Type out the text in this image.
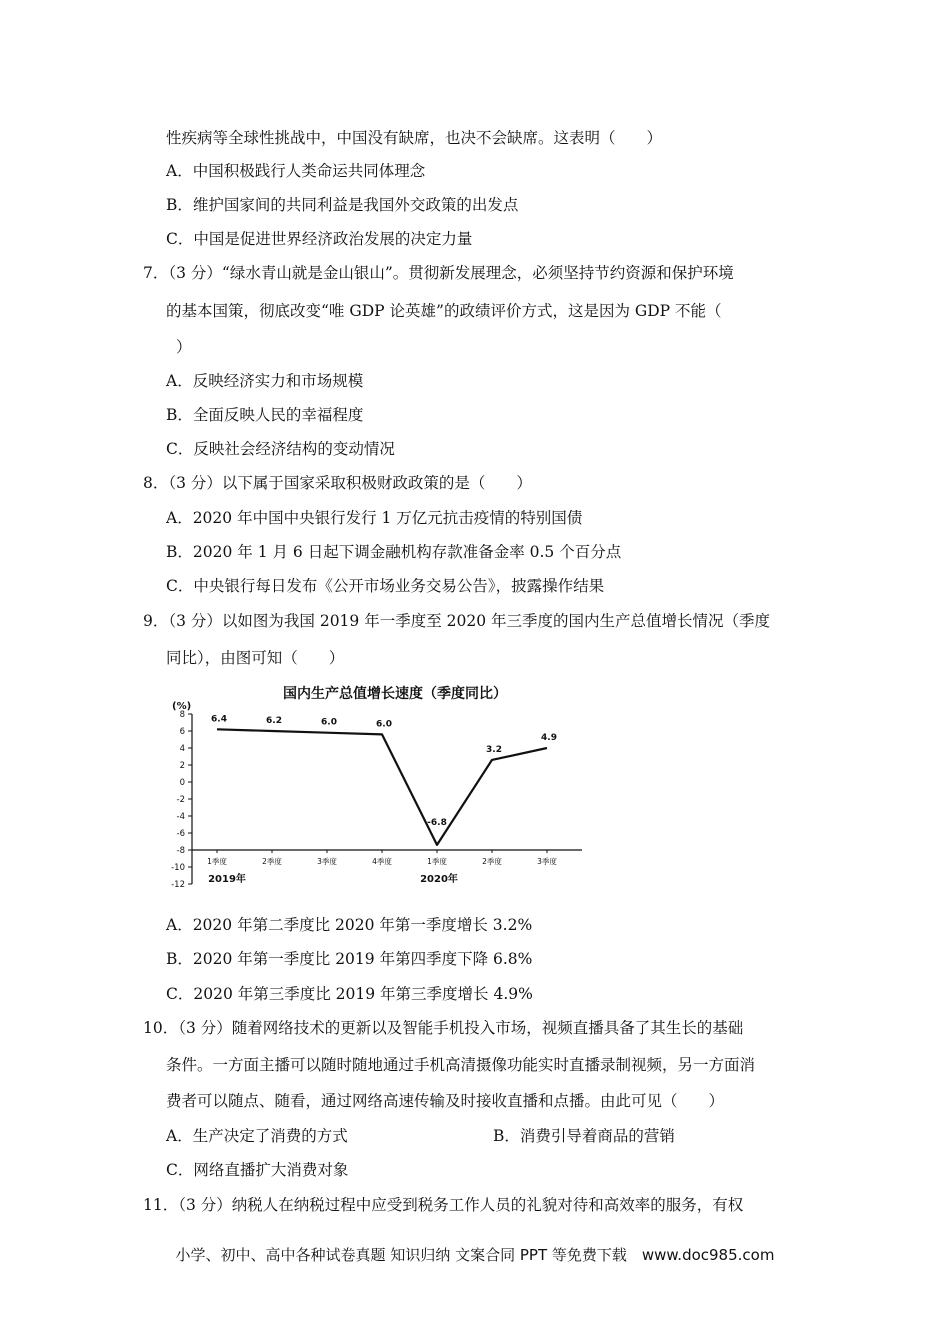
性疾病等全球性挑战中，中国没有缺席，也决不会缺席。这表明（　　）
A．中国积极践行人类命运共同体理念
B．维护国家间的共同利益是我国外交政策的出发点
C．中国是促进世界经济政治发展的决定力量
7．（3 分）“绿水青山就是金山银山”。贯彻新发展理念，必须坚持节约资源和保护环境
的基本国策，彻底改变“唯 GDP 论英雄”的政绩评价方式，这是因为 GDP 不能（
）
A．反映经济实力和市场规模
B．全面反映人民的幸福程度
C．反映社会经济结构的变动情况
8．（3 分）以下属于国家采取积极财政政策的是（　　）
A．2020 年中国中央银行发行 1 万亿元抗击疫情的特别国债
B．2020 年 1 月 6 日起下调金融机构存款准备金率 0.5 个百分点
C．中央银行每日发布《公开市场业务交易公告》，披露操作结果
9．（3 分）以如图为我国 2019 年一季度至 2020 年三季度的国内生产总值增长情况（季度
同比），由图可知（　　）
国内生产总值增长速度（季度同比）
(%)
8
6
4
2
0
-2
-4
-6
-8
-10
-12
1季度	2季度	3季度	4季度	1季度	2季度	3季度
6.4	6.2	6.0	6.0
-6.8
3.2
4.9
2019年	2020年
A．2020 年第二季度比 2020 年第一季度增长 3.2%
B．2020 年第一季度比 2019 年第四季度下降 6.8%
C．2020 年第三季度比 2019 年第三季度增长 4.9%
10．（3 分）随着网络技术的更新以及智能手机投入市场，视频直播具备了其生长的基础
条件。一方面主播可以随时随地通过手机高清摄像功能实时直播录制视频，另一方面消
费者可以随点、随看，通过网络高速传输及时接收直播和点播。由此可见（　　）
A．生产决定了消费的方式	B．消费引导着商品的营销
C．网络直播扩大消费对象
11．（3 分）纳税人在纳税过程中应受到税务工作人员的礼貌对待和高效率的服务，有权
小学、初中、高中各种试卷真题 知识归纳 文案合同 PPT 等免费下载　www.doc985.com
